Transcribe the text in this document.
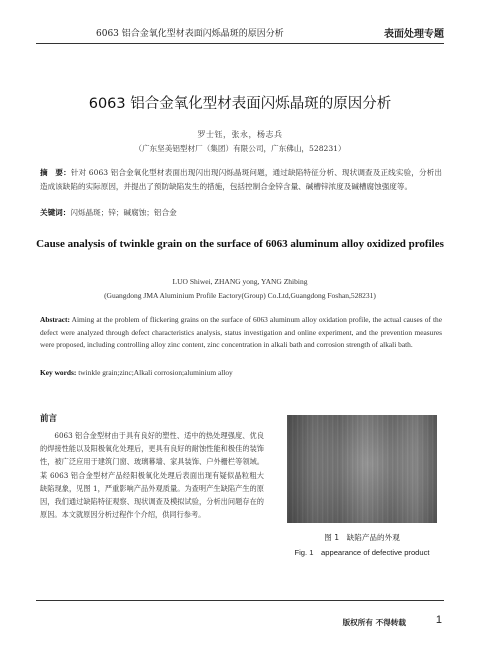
6063 铝合金氧化型材表面闪烁晶斑的原因分析	表面处理专题
6063 铝合金氧化型材表面闪烁晶斑的原因分析
罗士钰，张永，杨志兵
（广东坚美铝型材厂（集团）有限公司，广东佛山，528231）
摘　要：针对 6063 铝合金氧化型材表面出现闪出现闪烁晶斑问题，通过缺陷特征分析、现状调查及正线实验，分析出造成该缺陷的实际原因，并提出了预防缺陷发生的措施，包括控制合金锌含量、碱槽锌浓度及碱槽腐蚀强度等。
关键词：闪烁晶斑；锌；碱腐蚀；铝合金
Cause analysis of twinkle grain on the surface of 6063 aluminum alloy oxidized profiles
LUO Shiwei, ZHANG yong, YANG Zhibing
(Guangdong JMA Aluminium Profile Eactory(Group) Co.Ltd,Guangdong Foshan,528231)
Abstract: Aiming at the problem of flickering grains on the surface of 6063 aluminum alloy oxidation profile, the actual causes of the defect were analyzed through defect characteristics analysis, status investigation and online experiment, and the prevention measures were proposed, including controlling alloy zinc content, zinc concentration in alkali bath and corrosion strength of alkali bath.
Key words: twinkle grain;zinc;Alkali corrosion;aluminium alloy
前言

6063 铝合金型材由于具有良好的塑性、适中的热处理强度、优良的焊接性能以及阳极氧化处理后，更具有良好的耐蚀性能和极佳的装饰性，被广泛应用于建筑门窗、玻璃幕墙、家具装饰、户外栅栏等领域。某 6063 铝合金型材产品经阳极氧化处理后表面出现有疑似晶粒粗大缺陷现象，见图 1，严重影响产品外观质量。为查明产生缺陷产生的原因，我们通过缺陷特征观察、现状调查及模拟试验，分析出问题存在的原因。本文就原因分析过程作个介绍，供同行参考。

图 1　缺陷产品的外观
Fig. 1　appearance of defective product
版权所有 不得转载	1
